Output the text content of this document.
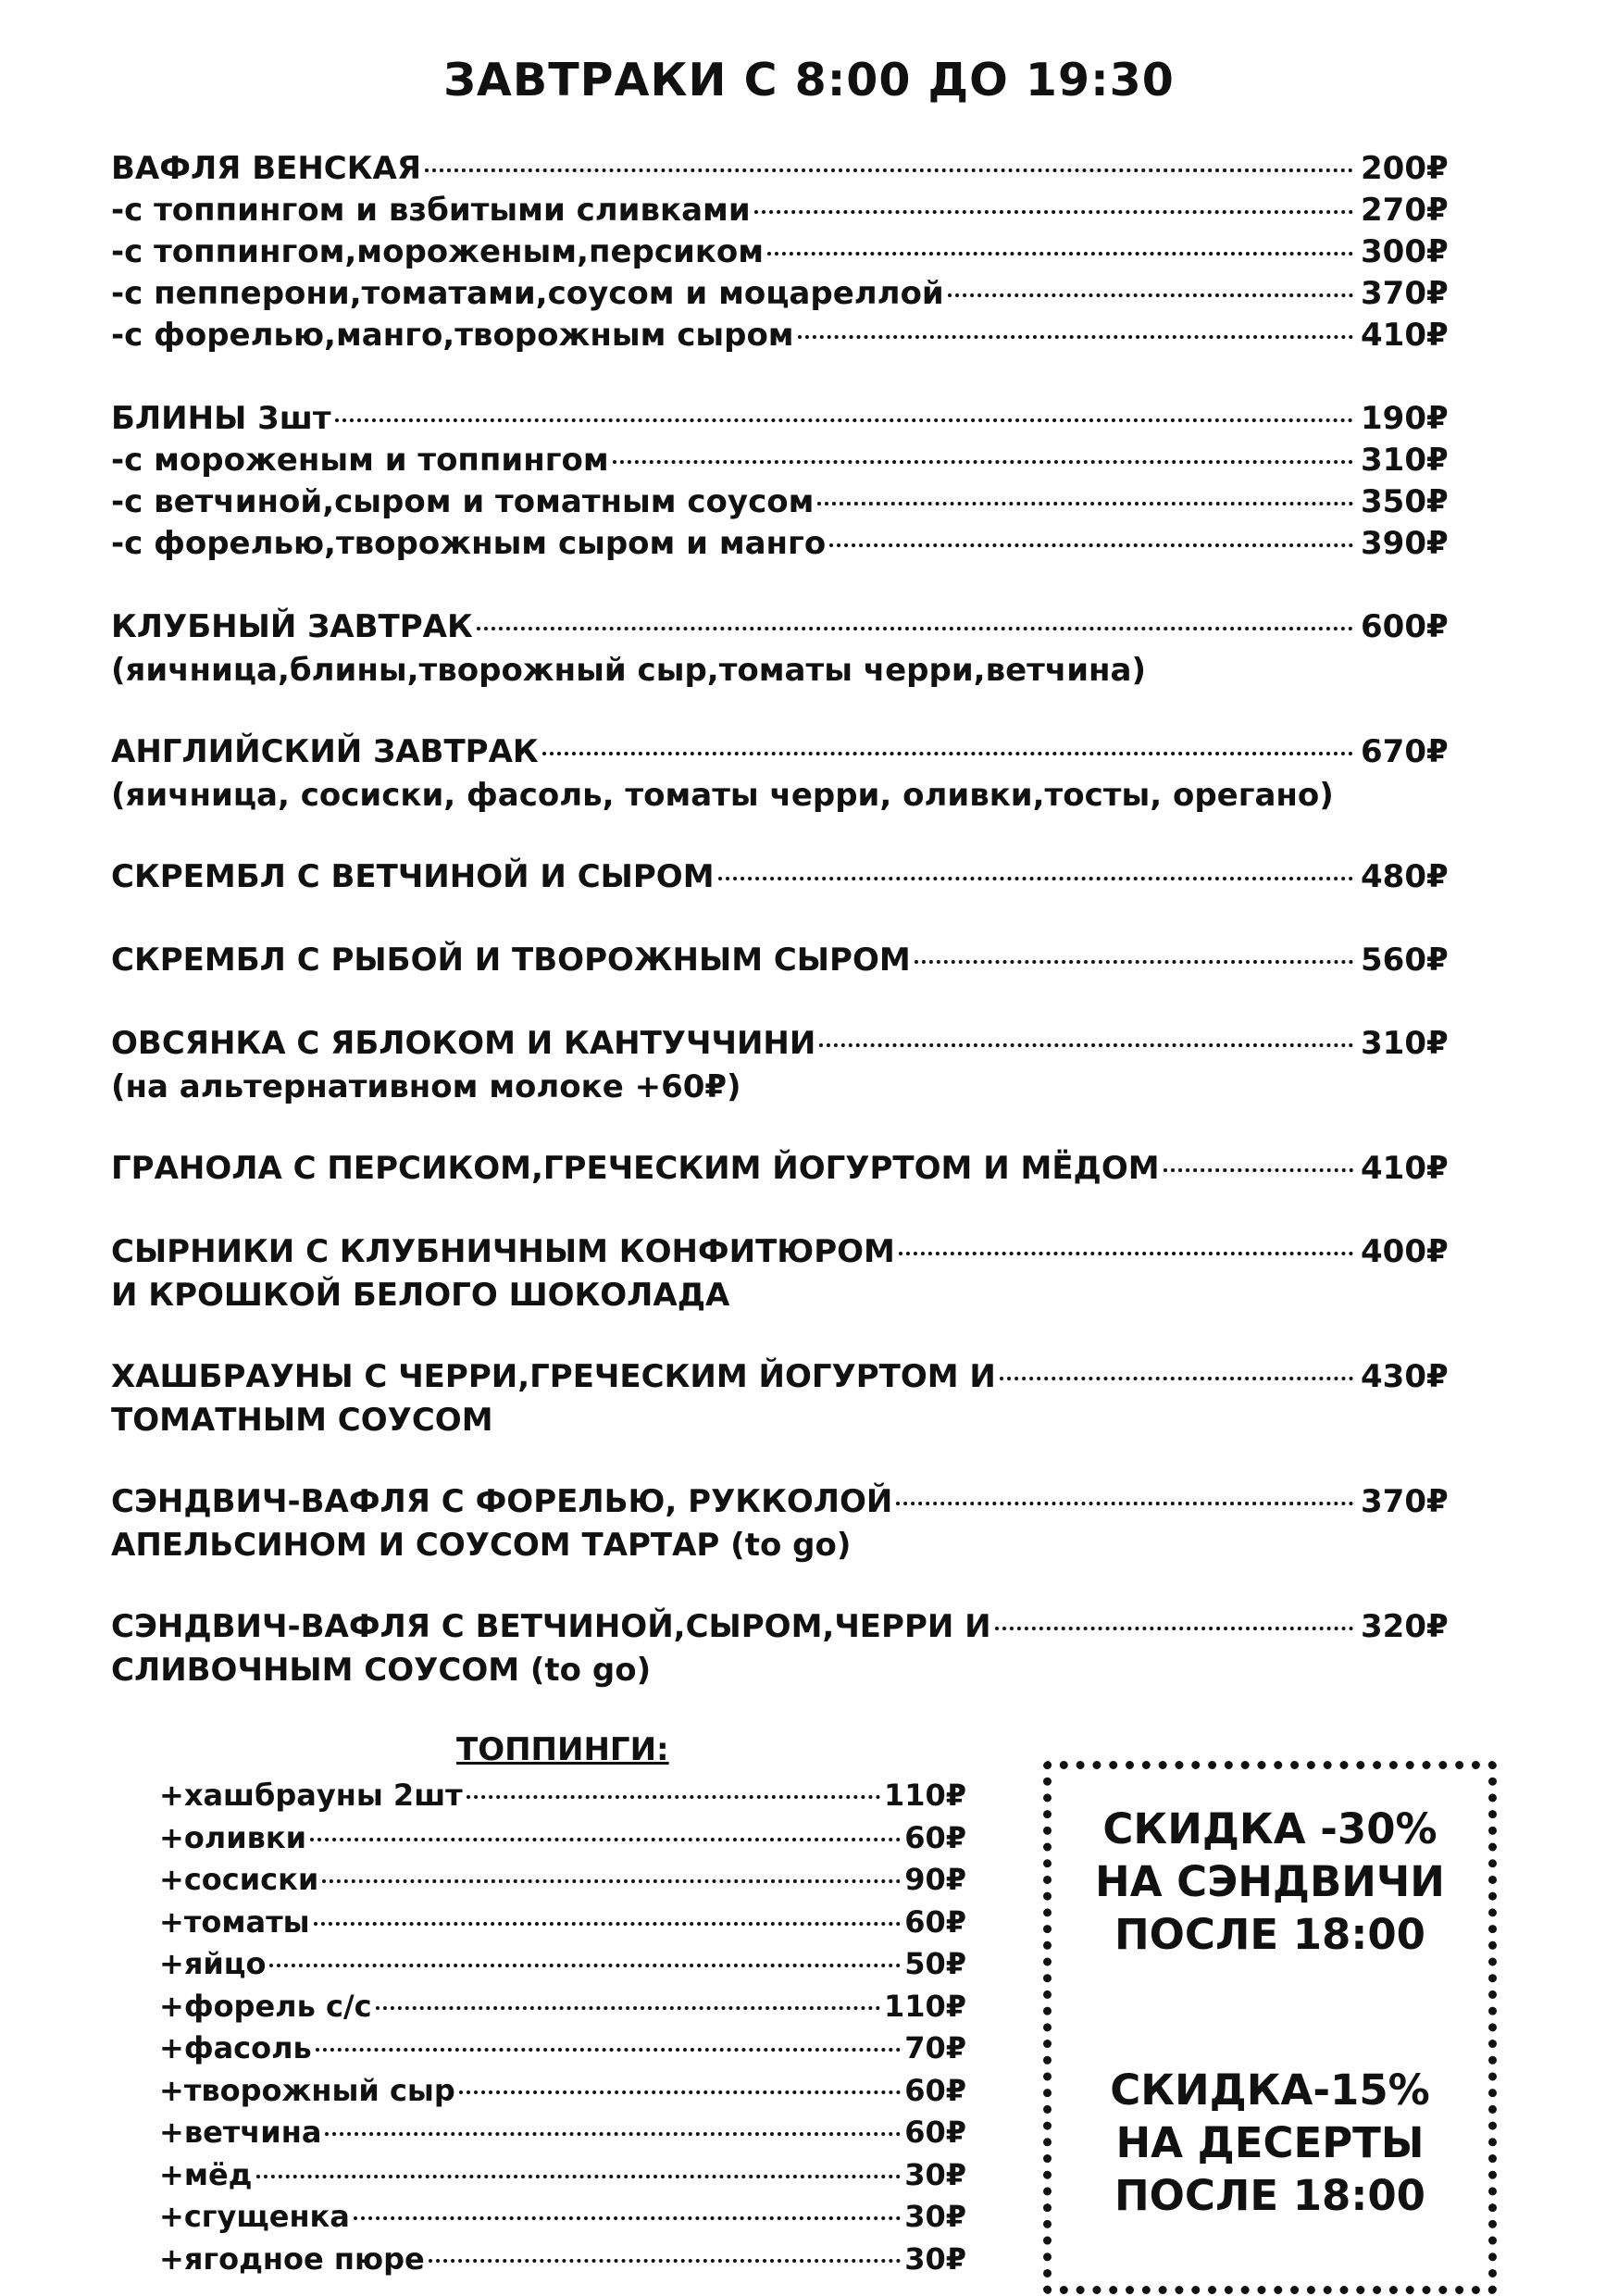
ЗАВТРАКИ С 8:00 ДО 19:30
ВАФЛЯ ВЕНСКАЯ	200₽
-с топпингом и взбитыми сливками	270₽
-с топпингом,мороженым,персиком	300₽
-с пепперони,томатами,соусом и моцареллой	370₽
-с форелью,манго,творожным сыром	410₽
БЛИНЫ 3шт	190₽
-с мороженым и топпингом	310₽
-с ветчиной,сыром и томатным соусом	350₽
-с форелью,творожным сыром и манго	390₽
КЛУБНЫЙ ЗАВТРАК	600₽
(яичница,блины,творожный сыр,томаты черри,ветчина)
АНГЛИЙСКИЙ ЗАВТРАК	670₽
(яичница, сосиски, фасоль, томаты черри, оливки,тосты, орегано)
СКРЕМБЛ С ВЕТЧИНОЙ И СЫРОМ	480₽
СКРЕМБЛ С РЫБОЙ И ТВОРОЖНЫМ СЫРОМ	560₽
ОВСЯНКА С ЯБЛОКОМ И КАНТУЧЧИНИ	310₽
(на альтернативном молоке +60₽)
ГРАНОЛА С ПЕРСИКОМ,ГРЕЧЕСКИМ ЙОГУРТОМ И МЁДОМ	410₽
СЫРНИКИ С КЛУБНИЧНЫМ КОНФИТЮРОМ	400₽
И КРОШКОЙ БЕЛОГО ШОКОЛАДА
ХАШБРАУНЫ С ЧЕРРИ,ГРЕЧЕСКИМ ЙОГУРТОМ И	430₽
ТОМАТНЫМ СОУСОМ
СЭНДВИЧ-ВАФЛЯ С ФОРЕЛЬЮ, РУККОЛОЙ	370₽
АПЕЛЬСИНОМ И СОУСОМ ТАРТАР (to go)
СЭНДВИЧ-ВАФЛЯ С ВЕТЧИНОЙ,СЫРОМ,ЧЕРРИ И	320₽
СЛИВОЧНЫМ СОУСОМ (to go)
ТОППИНГИ:
+хашбрауны 2шт	110₽
+оливки	60₽
+сосиски	90₽
+томаты	60₽
+яйцо	50₽
+форель с/с	110₽
+фасоль	70₽
+творожный сыр	60₽
+ветчина	60₽
+мёд	30₽
+сгущенка	30₽
+ягодное пюре	30₽
СКИДКА -30%
НА СЭНДВИЧИ
ПОСЛЕ 18:00
СКИДКА-15%
НА ДЕСЕРТЫ
ПОСЛЕ 18:00
